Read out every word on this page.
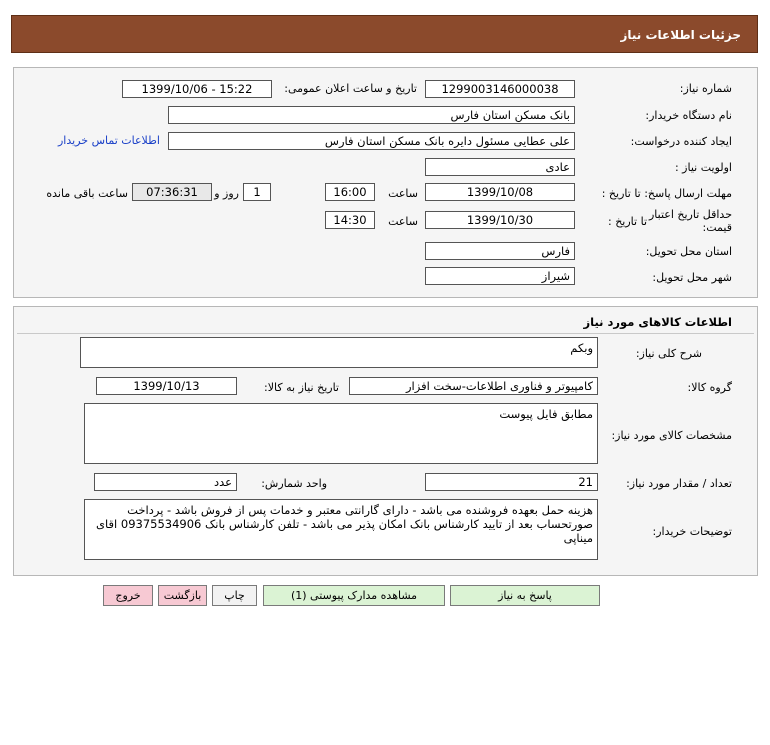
جزئیات اطلاعات نیاز
شماره نیاز:
1299003146000038
تاریخ و ساعت اعلان عمومی:
1399/10/06 - 15:22
نام دستگاه خریدار:
بانک مسکن استان فارس
ایجاد کننده درخواست:
علی عطایی مسئول دایره بانک مسکن استان فارس
اطلاعات تماس خریدار
اولویت نیاز :
عادی
مهلت ارسال پاسخ: تا تاریخ :
1399/10/08
ساعت
16:00
1
روز و
07:36:31
ساعت باقی مانده
حداقل تاریخ اعتبار قیمت:
تا تاریخ :
1399/10/30
ساعت
14:30
استان محل تحویل:
فارس
شهر محل تحویل:
شیراز
اطلاعات کالاهای مورد نیاز
شرح کلی نیاز:
وبکم
گروه کالا:
کامپیوتر و فناوری اطلاعات-سخت افزار
تاریخ نیاز به کالا:
1399/10/13
مشخصات کالای مورد نیاز:
مطابق فایل پیوست
تعداد / مقدار مورد نیاز:
21
واحد شمارش:
عدد
توضیحات خریدار:
هزینه حمل بعهده فروشنده می باشد - دارای گارانتی معتبر و خدمات پس از فروش باشد - پرداخت صورتحساب بعد از تایید کارشناس بانک امکان پذیر می باشد - تلفن کارشناس بانک 09375534906 اقای میناپی
پاسخ به نیاز
مشاهده مدارک پیوستی (1)
چاپ
بازگشت
خروج
